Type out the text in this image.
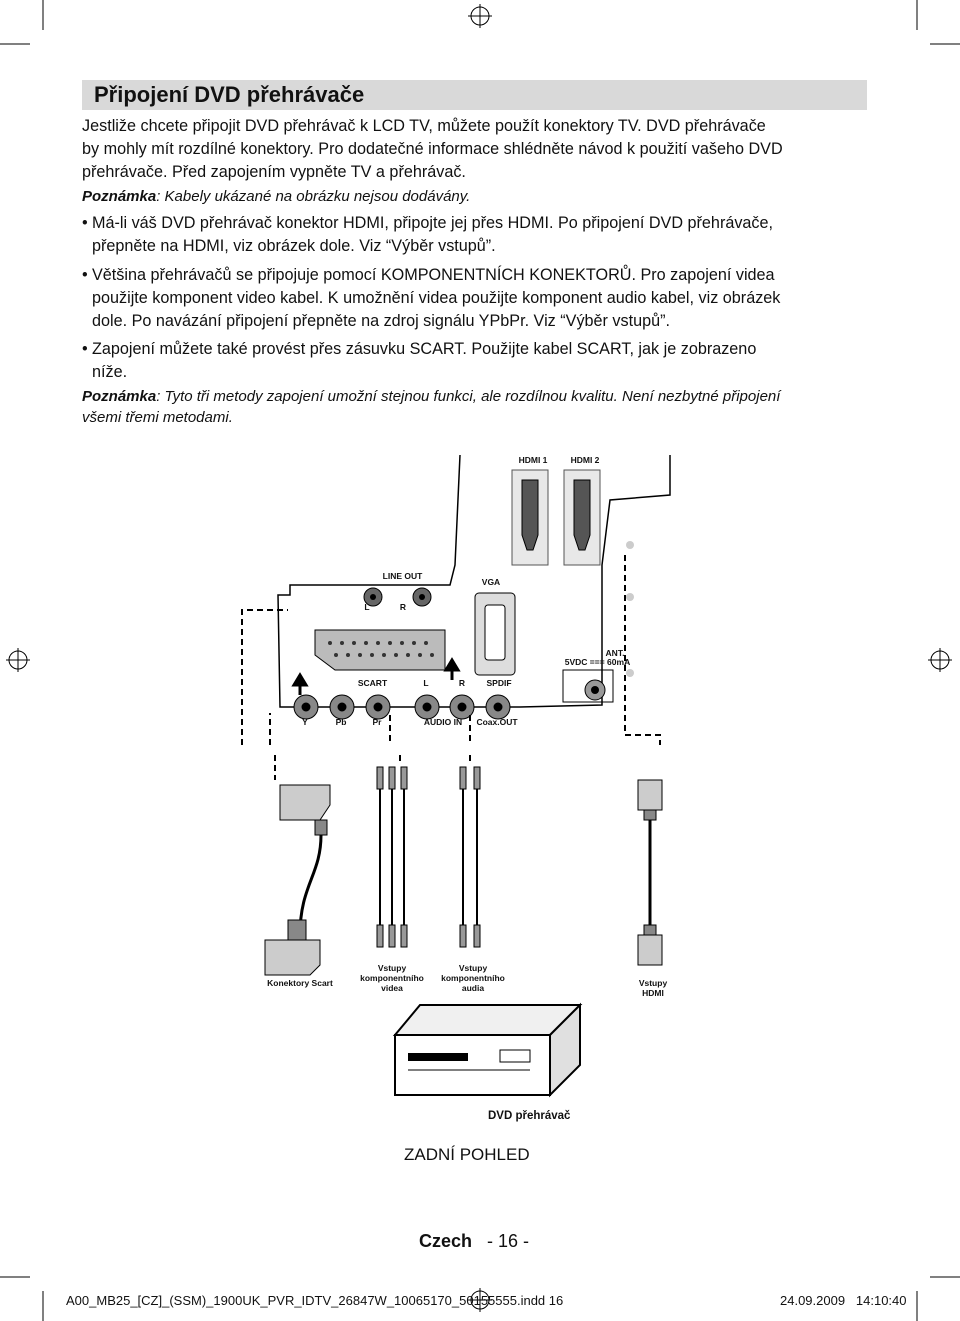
Připojení DVD přehrávače
Jestliže chcete připojit DVD přehrávač k LCD TV, můžete použít konektory TV. DVD přehrávače
by mohly mít rozdílné konektory. Pro dodatečné informace shlédněte návod k použití vašeho DVD
přehrávače. Před zapojením vypněte TV a přehrávač.
Poznámka: Kabely ukázané na obrázku nejsou dodávány.
• Má-li váš DVD přehrávač konektor HDMI, připojte jej přes HDMI. Po připojení DVD přehrávače,
přepněte na HDMI, viz obrázek dole. Viz “Výběr vstupů”.
• Většina přehrávačů se připojuje pomocí KOMPONENTNÍCH KONEKTORŮ. Pro zapojení videa
použijte komponent video kabel. K umožnění videa použijte komponent audio kabel, viz obrázek
dole. Po navázání připojení přepněte na zdroj signálu YPbPr. Viz “Výběr vstupů”.
• Zapojení můžete také provést přes zásuvku SCART. Použijte kabel SCART, jak je zobrazeno
níže.
Poznámka: Tyto tři metody zapojení umožní stejnou funkci, ale rozdílnou kvalitu. Není nezbytné připojení
všemi třemi metodami.
HDMI 1	HDMI 2
LINE OUT
L	R
VGA
ANT.
5VDC === 60mA
SCART	L	R	SPDIF
Y	Pb	Pr	AUDIO IN Coax.OUT
Konektory Scart
Vstupy
komponentního
videa
Vstupy
komponentního
audia	Vstupy
HDMI
DVD přehrávač
ZADNÍ POHLED
Czech - 16 -
A00_MB25_[CZ]_(SSM)_1900UK_PVR_IDTV_26847W_10065170_50155555.indd 16	24.09.2009   14:10:40
